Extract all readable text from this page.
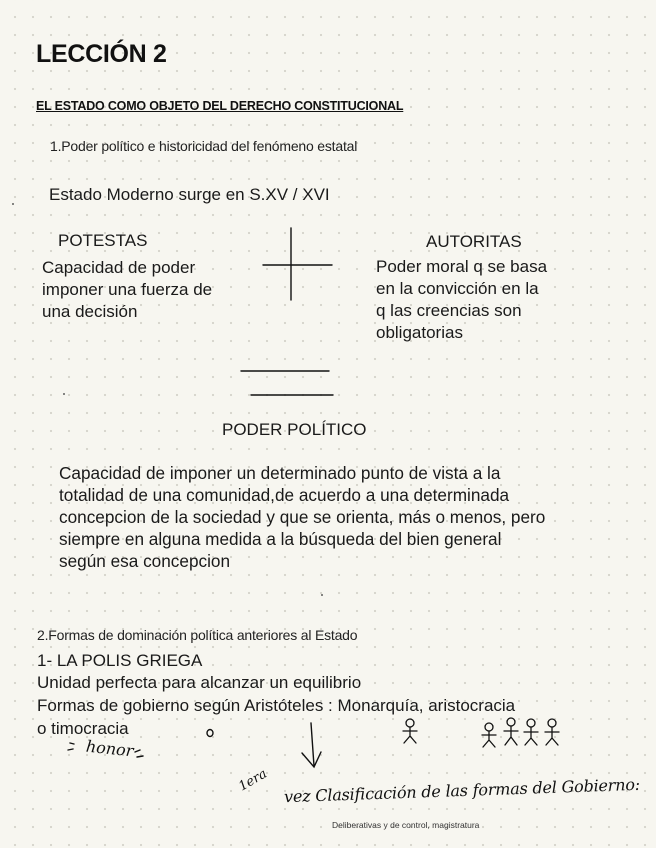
LECCIÓN 2
EL ESTADO COMO OBJETO DEL DERECHO CONSTITUCIONAL
1.Poder político e historicidad del fenómeno estatal
Estado Moderno surge en S.XV / XVI
POTESTAS
Capacidad de poder
imponer una fuerza de
una decisión
AUTORITAS
Poder moral q se basa
en la convicción en la
q las creencias son
obligatorias
PODER POLÍTICO
Capacidad de imponer un determinado punto de vista a la
totalidad de una comunidad,de acuerdo a una determinada
concepcion de la sociedad y que se orienta, más o menos, pero
siempre en alguna medida a la búsqueda del bien general
según esa concepcion
2.Formas de dominación política anteriores al Estado
1- LA POLIS GRIEGA
Unidad perfecta para alcanzar un equilibrio
Formas de gobierno según Aristóteles : Monarquía, aristocracia
o timocracia
honor
1era vez Clasificación de las formas del Gobierno:
Deliberativas y de control, magistratura
